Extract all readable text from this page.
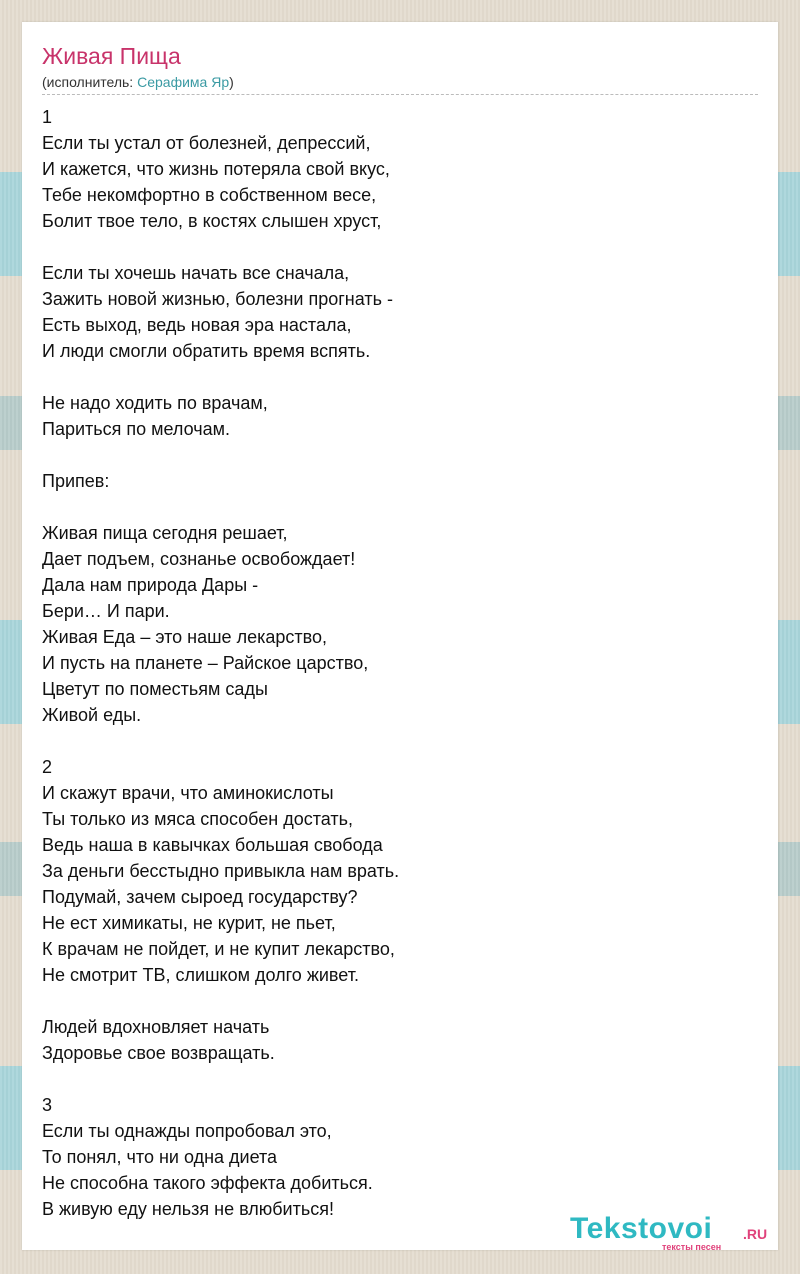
Живая Пища
(исполнитель: Серафима Яр)
1
Если ты устал от болезней, депрессий,
И кажется, что жизнь потеряла свой вкус,
Тебе некомфортно в собственном весе,
Болит твое тело, в костях слышен хруст,
Если ты хочешь начать все сначала,
Зажить новой жизнью, болезни прогнать -
Есть выход, ведь новая эра настала,
И люди смогли обратить время вспять.
Не надо ходить по врачам,
Париться по мелочам.
Припев:
Живая пища сегодня решает,
Дает подъем, сознанье освобождает!
Дала нам природа Дары -
Бери… И пари.
Живая Еда – это наше лекарство,
И пусть на планете – Райское царство,
Цветут по поместьям сады
Живой еды.
2
И скажут врачи, что аминокислоты
Ты только из мяса способен достать,
Ведь наша в кавычках большая свобода
За деньги бесстыдно привыкла нам врать.
Подумай, зачем сыроед государству?
Не ест химикаты, не курит, не пьет,
К врачам не пойдет, и не купит лекарство,
Не смотрит ТВ, слишком долго живет.
Людей вдохновляет начать
Здоровье свое возвращать.
3
Если ты однажды попробовал это,
То понял, что ни одна диета
Не способна такого эффекта добиться.
В живую еду нельзя не влюбиться!
Tekstovoi .RU
тексты песен
